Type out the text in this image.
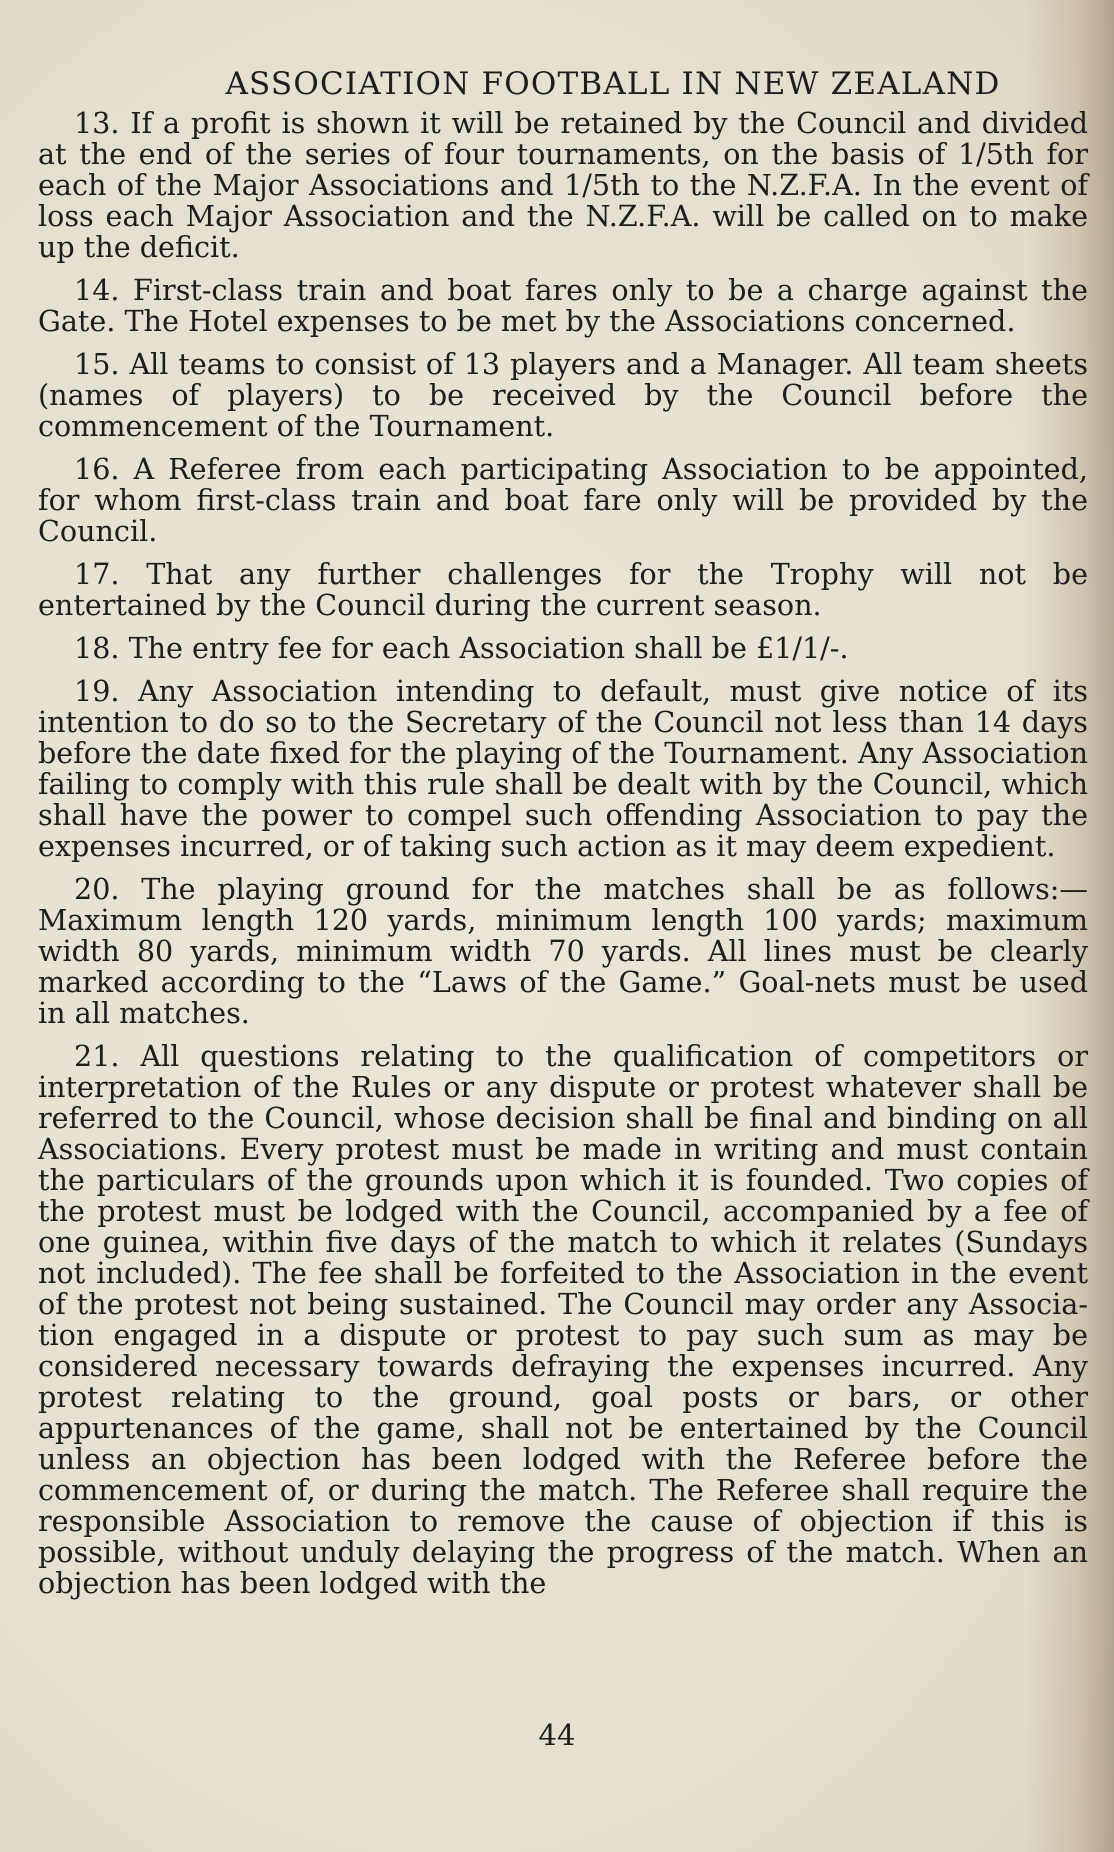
ASSOCIATION FOOTBALL IN NEW ZEALAND

13. If a profit is shown it will be retained by the Council and divided at the end of the series of four tournaments, on the basis of 1/5th for each of the Major Associations and 1/5th to the N.Z.F.A. In the event of loss each Major Association and the N.Z.F.A. will be called on to make up the deficit.

14. First-class train and boat fares only to be a charge against the Gate. The Hotel expenses to be met by the Associations concerned.

15. All teams to consist of 13 players and a Manager. All team sheets (names of players) to be received by the Council before the commencement of the Tournament.

16. A Referee from each participating Association to be appointed, for whom first-class train and boat fare only will be provided by the Council.

17. That any further challenges for the Trophy will not be entertained by the Council during the current season.

18. The entry fee for each Association shall be £1/1/-.

19. Any Association intending to default, must give notice of its intention to do so to the Secretary of the Council not less than 14 days before the date fixed for the playing of the Tournament. Any Association failing to comply with this rule shall be dealt with by the Council, which shall have the power to compel such offending Association to pay the expenses incurred, or of taking such action as it may deem expedient.

20. The playing ground for the matches shall be as follows:— Maximum length 120 yards, minimum length 100 yards; maximum width 80 yards, minimum width 70 yards. All lines must be clearly marked according to the “Laws of the Game.” Goal-nets must be used in all matches.

21. All questions relating to the qualification of competitors or interpretation of the Rules or any dispute or protest whatever shall be referred to the Council, whose decision shall be final and binding on all Associations. Every protest must be made in writing and must contain the particulars of the grounds upon which it is founded. Two copies of the protest must be lodged with the Council, accompanied by a fee of one guinea, within five days of the match to which it relates (Sundays not included). The fee shall be forfeited to the Association in the event of the protest not being sustained. The Council may order any Association engaged in a dispute or protest to pay such sum as may be considered necessary towards defraying the expenses incurred. Any protest relating to the ground, goal posts or bars, or other appurtenances of the game, shall not be entertained by the Council unless an objection has been lodged with the Referee before the commencement of, or during the match. The Referee shall require the responsible Association to remove the cause of objection if this is possible, without unduly delaying the progress of the match. When an objection has been lodged with the

44
